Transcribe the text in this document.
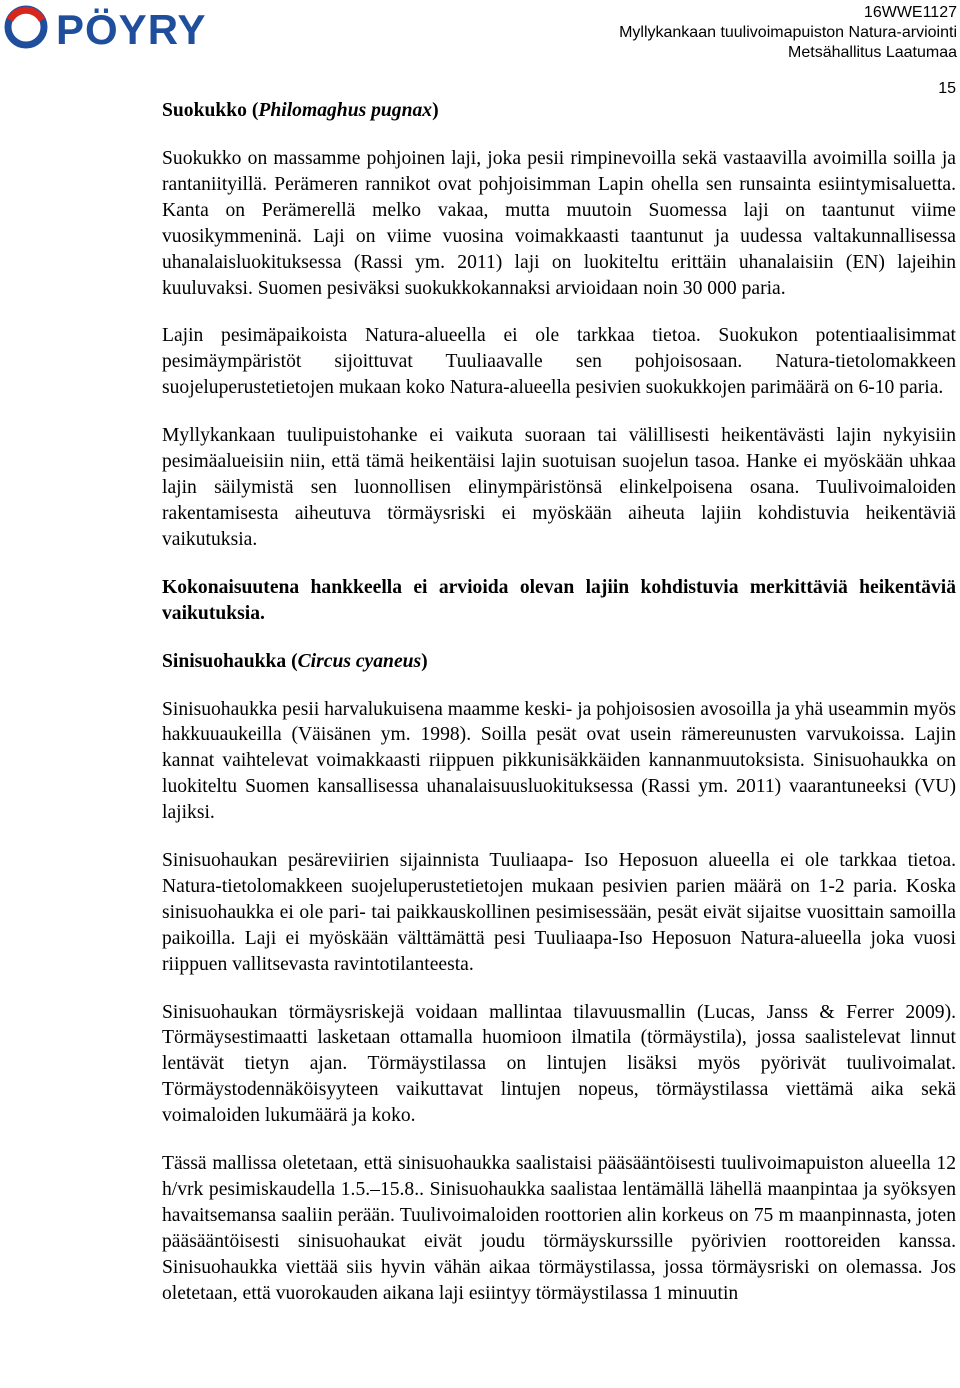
PÖYRY	16WWE1127
Myllykankaan tuulivoimapuiston Natura-arviointi
Metsähallitus Laatumaa
15
Suokukko (Philomaghus pugnax)

Suokukko on massamme pohjoinen laji, joka pesii rimpinevoilla sekä vastaavilla avoimilla soilla ja rantaniityillä. Perämeren rannikot ovat pohjoisimman Lapin ohella sen runsainta esiintymisaluetta. Kanta on Perämerellä melko vakaa, mutta muutoin Suomessa laji on taantunut viime vuosikymmeninä. Laji on viime vuosina voimakkaasti taantunut ja uudessa valtakunnallisessa uhanalaisluokituksessa (Rassi ym. 2011) laji on luokiteltu erittäin uhanalaisiin (EN) lajeihin kuuluvaksi. Suomen pesiväksi suokukkokannaksi arvioidaan noin 30 000 paria.

Lajin pesimäpaikoista Natura-alueella ei ole tarkkaa tietoa. Suokukon potentiaalisimmat pesimäympäristöt sijoittuvat Tuuliaavalle sen pohjoisosaan. Natura-tietolomakkeen suojeluperustetietojen mukaan koko Natura-alueella pesivien suokukkojen parimäärä on 6-10 paria.

Myllykankaan tuulipuistohanke ei vaikuta suoraan tai välillisesti heikentävästi lajin nykyisiin pesimäalueisiin niin, että tämä heikentäisi lajin suotuisan suojelun tasoa. Hanke ei myöskään uhkaa lajin säilymistä sen luonnollisen elinympäristönsä elinkelpoisena osana. Tuulivoimaloiden rakentamisesta aiheutuva törmäysriski ei myöskään aiheuta lajiin kohdistuvia heikentäviä vaikutuksia.

Kokonaisuutena hankkeella ei arvioida olevan lajiin kohdistuvia merkittäviä heikentäviä vaikutuksia.

Sinisuohaukka (Circus cyaneus)

Sinisuohaukka pesii harvalukuisena maamme keski- ja pohjoisosien avosoilla ja yhä useammin myös hakkuuaukeilla (Väisänen ym. 1998). Soilla pesät ovat usein rämereunusten varvukoissa. Lajin kannat vaihtelevat voimakkaasti riippuen pikkunisäkkäiden kannanmuutoksista. Sinisuohaukka on luokiteltu Suomen kansallisessa uhanalaisuusluokituksessa (Rassi ym. 2011) vaarantuneeksi (VU) lajiksi.

Sinisuohaukan pesäreviirien sijainnista Tuuliaapa- Iso Heposuon alueella ei ole tarkkaa tietoa. Natura-tietolomakkeen suojeluperustetietojen mukaan pesivien parien määrä on 1-2 paria. Koska sinisuohaukka ei ole pari- tai paikkauskollinen pesimisessään, pesät eivät sijaitse vuosittain samoilla paikoilla. Laji ei myöskään välttämättä pesi Tuuliaapa-Iso Heposuon Natura-alueella joka vuosi riippuen vallitsevasta ravintotilanteesta.

Sinisuohaukan törmäysriskejä voidaan mallintaa tilavuusmallin (Lucas, Janss & Ferrer 2009). Törmäysestimaatti lasketaan ottamalla huomioon ilmatila (törmäystila), jossa saalistelevat linnut lentävät tietyn ajan. Törmäystilassa on lintujen lisäksi myös pyörivät tuulivoimalat. Törmäystodennäköisyyteen vaikuttavat lintujen nopeus, törmäystilassa viettämä aika sekä voimaloiden lukumäärä ja koko.

Tässä mallissa oletetaan, että sinisuohaukka saalistaisi pääsääntöisesti tuulivoimapuiston alueella 12 h/vrk pesimiskaudella 1.5.–15.8.. Sinisuohaukka saalistaa lentämällä lähellä maanpintaa ja syöksyen havaitsemansa saaliin perään. Tuulivoimaloiden roottorien alin korkeus on 75 m maanpinnasta, joten pääsääntöisesti sinisuohaukat eivät joudu törmäyskurssille pyörivien roottoreiden kanssa. Sinisuohaukka viettää siis hyvin vähän aikaa törmäystilassa, jossa törmäysriski on olemassa. Jos oletetaan, että vuorokauden aikana laji esiintyy törmäystilassa 1 minuutin
